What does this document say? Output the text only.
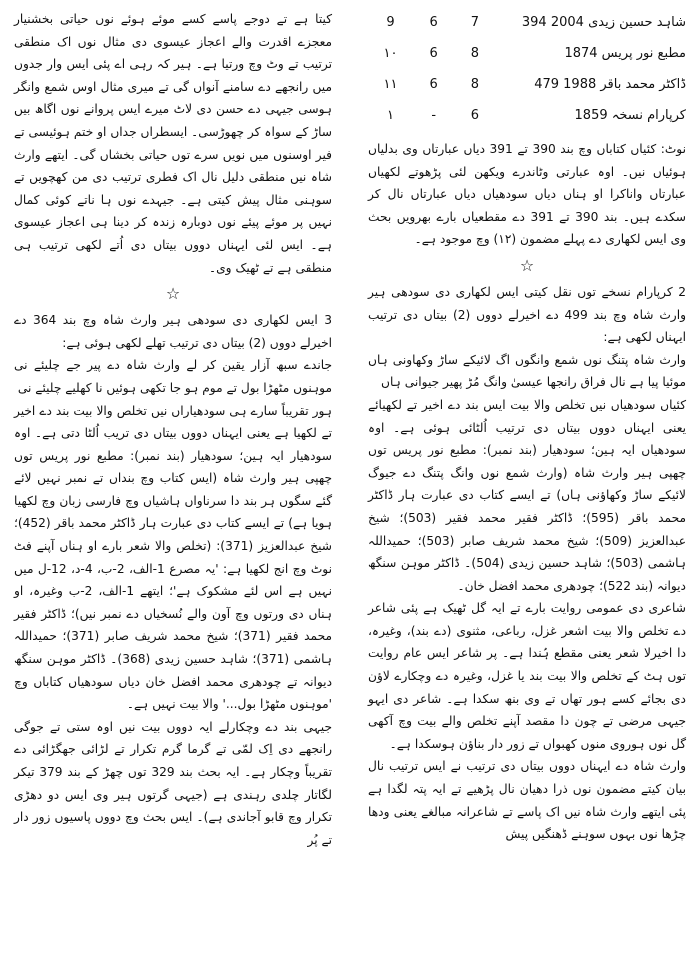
شاہد حسین زیدی 2004 394	7	6	9
مطبع نور پریس 1874	8	6	۱۰
ڈاکٹر محمد باقر 1988 479	8	6	۱۱
کرپارام نسخہ 1859	6	-	۱

نوٹ: کئیاں کتاباں وچ بند 390 تے 391 دیاں عبارتاں وی بدلیاں ہوئیاں نیں۔ اوہ عبارتی وٹاندرے ویکھن لئی پڑھوتے لکھیاں عبارتاں واناکرا او ہناں دیاں سودھیاں دیاں عبارتاں نال کر سکدے ہیں۔ بند 390 تے 391 دے مقطعیاں بارے بھرویں بحث وی ایس لکھاری دے پہلے مضمون (۱۲) وچ موجود ہے۔

☆

2 کرپارام نسخے توں نقل کیتی ایس لکھاری دی سودھی ہیر وارث شاہ وچ بند 499 دے اخیرلے دووں (2) بیتاں دی ترتیب ایہناں لکھی ہے:

وارث شاہ پتنگ نوں شمع وانگوں اگ لائیکے ساڑ وکھاونی ہاں موئیا پیا ہے نال فراق رانجھا عیسیٰ وانگ مُڑ پھیر جیوانی ہاں

کئیاں سودھیاں نیں تخلص والا بیت ایس بند دے اخیر تے لکھیائے یعنی ایہناں دووں بیتاں دی ترتیب اُلٹائی ہوئی ہے۔ اوہ سودھیاں ایہ ہین؛ سودھیار (بند نمبر): مطبع نور پریس توں چھپی ہیر وارث شاہ (وارث شمع نوں وانگ پتنگ دے جیوگ لائیکے ساڑ وکھاؤنی ہاں) تے ایسے کتاب دی عبارت ہار ڈاکٹر محمد باقر (595)؛ ڈاکٹر فقیر محمد فقیر (503)؛ شیخ عبدالعزیز (509)؛ شیخ محمد شریف صابر (503)؛ حمیداللہ ہاشمی (503)؛ شاہد حسین زیدی (504)۔ ڈاکٹر موہن سنگھ دیوانہ (بند 522)؛ چودھری محمد افضل خان۔

شاعری دی عمومی روایت بارے تے ایہ گل ٹھیک ہے پئی شاعر دے تخلص والا بیت اشعر غزل، رباعی، مثنوی (دے بند)، وغیرہ، دا اخیرلا شعر یعنی مقطع ہُندا ہے۔ پر شاعر ایس عام روایت توں ہٹ کے تخلص والا بیت بند یا غزل، وغیرہ دے وچکارے لاؤن دی بجائے کسے ہور تھاں تے وی بنھ سکدا ہے۔ شاعر دی ایہو جیہی مرضی تے چون دا مقصد آپنے تخلص والے بیت وچ آکھی گل نوں ہوروی منوں کھبواں تے زور دار بناؤن ہوسکدا ہے۔

وارث شاہ دے ایہناں دووں بیتاں دی ترتیب نے ایس ترتیب نال بیان کیتے مضمون نوں ذرا دھیان نال پڑھیے تے ایہ پتہ لگدا ہے پئی ایتھے وارث شاہ نیں اک پاسے تے شاعرانہ مبالغے یعنی ودھا چڑھا نوں بہوں سوہنے ڈھنگیں پیش

کیتا ہے تے دوجے پاسے کسے موئے ہوئے نوں حیاتی بخشنیار معجزے اقدرت والے اعجاز عیسوی دی مثال نوں اک منطقی ترتیب تے وٹ وچ ورتیا ہے۔ ہیر کہ رہی اے پئی ایس وار جدوں میں رانجھے دے سامنے آنواں گی تے میری مثال اوس شمع وانگر ہوسی جیہی دے حسن دی لاٹ میرے ایس پروانے نوں اگاھ بیں ساڑ کے سواہ کر چھوڑسی۔ ایسطراں جداں او ختم ہوئیسی تے فیر اوسنوں میں نویں سرے توں حیاتی بخشاں گی۔ ایتھے وارث شاہ نیں منطقی دلیل نال اک فطری ترتیب دی من کھچویں تے سوہنی مثال پیش کیتی ہے۔ جیہدے نوں ہا ناتے کوئی کمال نہیں پر موئے پیئے نوں دوبارہ زندہ کر دینا ہی اعجاز عیسوی ہے۔ ایس لئی ایہناں دووں بیتاں دی اُتے لکھی ترتیب ہی منطقی ہے تے ٹھیک وی۔

☆

3 ایس لکھاری دی سودھی ہیر وارث شاہ وچ بند 364 دے اخیرلے دووں (2) بیتاں دی ترتیب تھلے لکھی ہوئی ہے:

جاندے سبھ آزار یقین کر لے وارث شاہ دے پیر جے چلیئے نی موہنوں مٹھڑا بول تے موم ہو جا تکھی ہوئیں نا کھلیے چلیئے نی

ہور تقریباً سارے ہی سودھیاراں نیں تخلص والا بیت بند دے اخیر تے لکھیا ہے یعنی ایہناں دووں بیتاں دی تریب اُلٹا دتی ہے۔ اوہ سودھیار ایہ ہین؛ سودھیار (بند نمبر): مطبع نور پریس توں چھپی ہیر وارث شاہ (ایس کتاب وچ بنداں تے نمبر نہیں لائے گئے سگوں ہر بند دا سرناواں ہاشیاں وچ فارسی زبان وچ لکھیا ہویا ہے) تے ایسے کتاب دی عبارت ہار ڈاکٹر محمد باقر (452)؛ شیخ عبدالعزیز (371): (تخلص والا شعر بارے او ہناں آپنے فٹ نوٹ وچ انج لکھیا ہے: 'یہ مصرع 1-الف، 2-ب، 4-د، 12-ل میں نہیں ہے اس لئے مشکوک ہے'؛ ایتھے 1-الف، 2-ب وغیرہ، او ہناں دی ورتوں وچ آون والے نُسخیاں دے نمبر نیں)؛ ڈاکٹر فقیر محمد فقیر (371)؛ شیخ محمد شریف صابر (371)؛ حمیداللہ ہاشمی (371)؛ شاہد حسین زیدی (368)۔ ڈاکٹر موہن سنگھ دیوانہ تے چودھری محمد افضل خان دیاں سودھیاں کتاباں وچ 'موہنوں مٹھڑا بول...' والا بیت نہیں ہے۔

جیہی بند دے وچکارلے ایہ دووں بیت نیں اوہ ستی تے جوگی رانجھے دی اِک لمّی تے گرما گرم تکرار تے لڑائی جھگڑائی دے تقریباً وچکار ہے۔ ایہ بحث بند 329 توں چھڑ کے بند 379 تیکر لگاتار چلدی رہندی ہے (جیہی گرتوں ہیر وی ایس دو دھڑی تکرار وچ قابو آجاندی ہے)۔ ایس بحث وچ دووں پاسیوں زور دار تے پُر
